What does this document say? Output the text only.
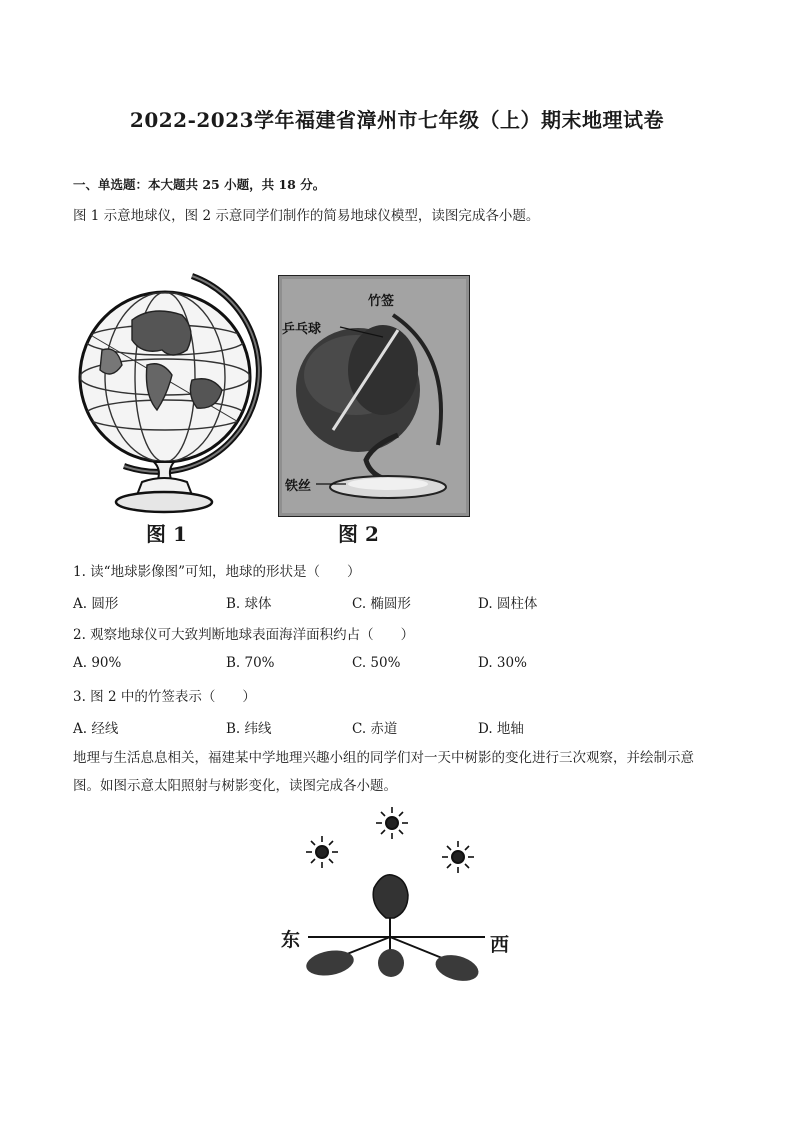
2022-2023学年福建省漳州市七年级（上）期末地理试卷
一、单选题：本大题共 25 小题，共 18 分。
图 1 示意地球仪，图 2 示意同学们制作的简易地球仪模型，读图完成各小题。
图 1
竹签
乒乓球
铁丝
图 2
1. 读“地球影像图”可知，地球的形状是（　　）
A. 圆形	B. 球体	C. 椭圆形	D. 圆柱体
2. 观察地球仪可大致判断地球表面海洋面积约占（　　）
A. 90%	B. 70%	C. 50%	D. 30%
3. 图 2 中的竹签表示（　　）
A. 经线	B. 纬线	C. 赤道	D. 地轴
地理与生活息息相关，福建某中学地理兴趣小组的同学们对一天中树影的变化进行三次观察，并绘制示意
图。如图示意太阳照射与树影变化，读图完成各小题。
东	西
